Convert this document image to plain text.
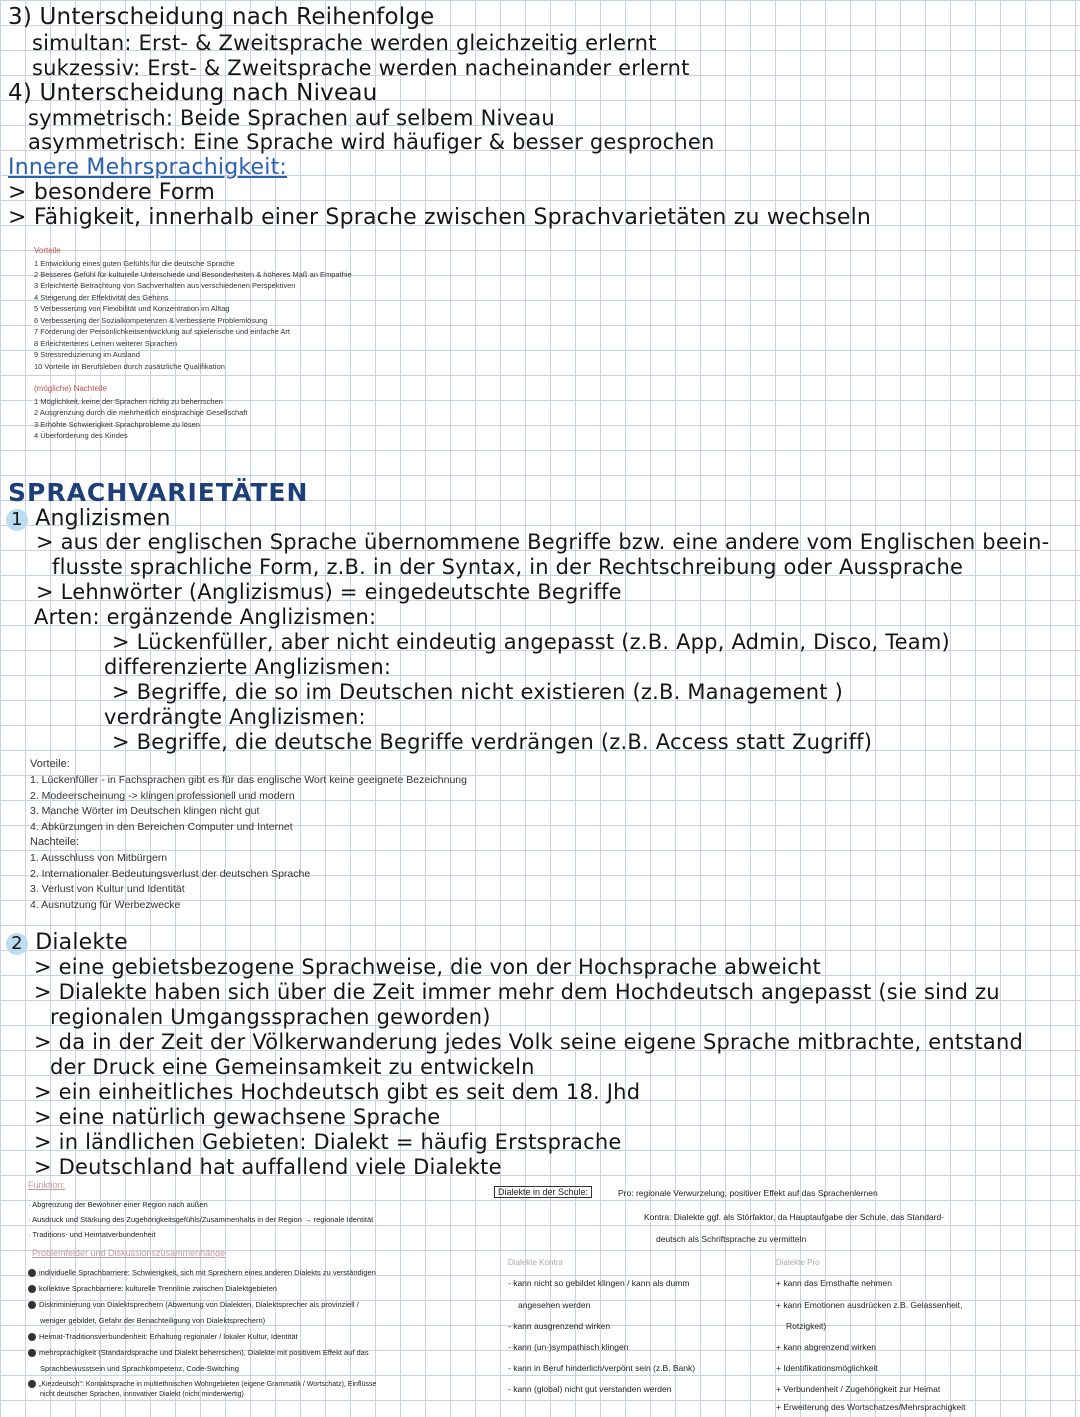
3) Unterscheidung nach Reihenfolge
simultan: Erst- & Zweitsprache werden gleichzeitig erlernt
sukzessiv: Erst- & Zweitsprache werden nacheinander erlernt
4) Unterscheidung nach Niveau
symmetrisch: Beide Sprachen auf selbem Niveau
asymmetrisch: Eine Sprache wird häufiger & besser gesprochen
Innere Mehrsprachigkeit:
> besondere Form
> Fähigkeit, innerhalb einer Sprache zwischen Sprachvarietäten zu wechseln
Vorteile
1 Entwicklung eines guten Gefühls für die deutsche Sprache
2 Besseres Gefühl für kulturelle Unterschiede und Besonderheiten & höheres Maß an Empathie
3 Erleichterte Betrachtung von Sachverhalten aus verschiedenen Perspektiven
4 Steigerung der Effektivität des Gehirns
5 Verbesserung von Flexibilität und Konzentration im Alltag
6 Verbesserung der Sozialkompetenzen & verbesserte Problemlösung
7 Förderung der Persönlichkeitsentwicklung auf spielerische und einfache Art
8 Erleichterteres Lernen weiterer Sprachen
9 Stressreduzierung im Ausland
10 Vorteile im Berufsleben durch zusätzliche Qualifikation
(mögliche) Nachteile
1 Möglichkeit, keine der Sprachen richtig zu beherrschen
2 Ausgrenzung durch die mehrheitlich einsprachige Gesellschaft
3 Erhöhte Schwierigkeit Sprachprobleme zu lösen
4 Überforderung des Kindes
SPRACHVARIETÄTEN
1 Anglizismen
> aus der englischen Sprache übernommene Begriffe bzw. eine andere vom Englischen beein-
flusste sprachliche Form, z.B. in der Syntax, in der Rechtschreibung oder Aussprache
> Lehnwörter (Anglizismus) = eingedeutschte Begriffe
Arten: ergänzende Anglizismen:
> Lückenfüller, aber nicht eindeutig angepasst (z.B. App, Admin, Disco, Team)
differenzierte Anglizismen:
> Begriffe, die so im Deutschen nicht existieren (z.B. Management )
verdrängte Anglizismen:
> Begriffe, die deutsche Begriffe verdrängen (z.B. Access statt Zugriff)
Vorteile:
1. Lückenfüller - in Fachsprachen gibt es für das englische Wort keine geeignete Bezeichnung
2. Modeerscheinung -> klingen professionell und modern
3. Manche Wörter im Deutschen klingen nicht gut
4. Abkürzungen in den Bereichen Computer und Internet
Nachteile:
1. Ausschluss von Mitbürgern
2. Internationaler Bedeutungsverlust der deutschen Sprache
3. Verlust von Kultur und Identität
4. Ausnutzung für Werbezwecke
2 Dialekte
> eine gebietsbezogene Sprachweise, die von der Hochsprache abweicht
> Dialekte haben sich über die Zeit immer mehr dem Hochdeutsch angepasst (sie sind zu
regionalen Umgangssprachen geworden)
> da in der Zeit der Völkerwanderung jedes Volk seine eigene Sprache mitbrachte, entstand
der Druck eine Gemeinsamkeit zu entwickeln
> ein einheitliches Hochdeutsch gibt es seit dem 18. Jhd
> eine natürlich gewachsene Sprache
> in ländlichen Gebieten: Dialekt = häufig Erstsprache
> Deutschland hat auffallend viele Dialekte
Funktion:
· Abgrenzung der Bewohner einer Region nach außen
· Ausdruck und Stärkung des Zugehörigkeitsgefühls/Zusammenhalts in der Region → regionale Identität
· Traditions- und Heimatverbundenheit
Problemfelder und Diskussionszusammenhänge
individuelle Sprachbarriere: Schwierigkeit, sich mit Sprechern eines anderen Dialekts zu verständigen
kollektive Sprachbarriere: kulturelle Trennlinie zwischen Dialektgebieten
Diskriminierung von Dialektsprechern (Abwertung von Dialekten, Dialektsprecher als provinziell /
weniger gebildet, Gefahr der Benachteiligung von Dialektsprechern)
Heimat-Traditionsverbundenheit: Erhaltung regionaler / lokaler Kultur, Identität
mehrsprachigkeit (Standardsprache und Dialekt beherrschen), Dialekte mit positivem Effekt auf das
Sprachbewusstsein und Sprachkompetenz, Code-Switching
„Kiezdeutsch": Kontaktsprache in multiethnischen Wohngebieten (eigene Grammatik / Wortschatz), Einflüsse
nicht deutscher Sprachen, innovativer Dialekt (nicht minderwertig)
Dialekte in der Schule:	Pro: regionale Verwurzelung, positiver Effekt auf das Sprachenlernen
Kontra: Dialekte ggf. als Störfaktor, da Hauptaufgabe der Schule, das Standard-
deutsch als Schriftsprache zu vermitteln
Dialekte Kontra	Dialekte Pro
- kann nicht so gebildet klingen / kann als dumm
angesehen werden
- kann ausgrenzend wirken
- kann (un-)sympathisch klingen
- kann in Beruf hinderlich/verpönt sein (z.B. Bank)
- kann (global) nicht gut verstanden werden
+ kann das Ernsthafte nehmen
+ kann Emotionen ausdrücken z.B. Gelassenheit,
Rotzigkeit)
+ kann abgrenzend wirken
+ Identifikationsmöglichkeit
+ Verbundenheit / Zugehörigkeit zur Heimat
+ Erweiterung des Wortschatzes/Mehrsprachigkeit
